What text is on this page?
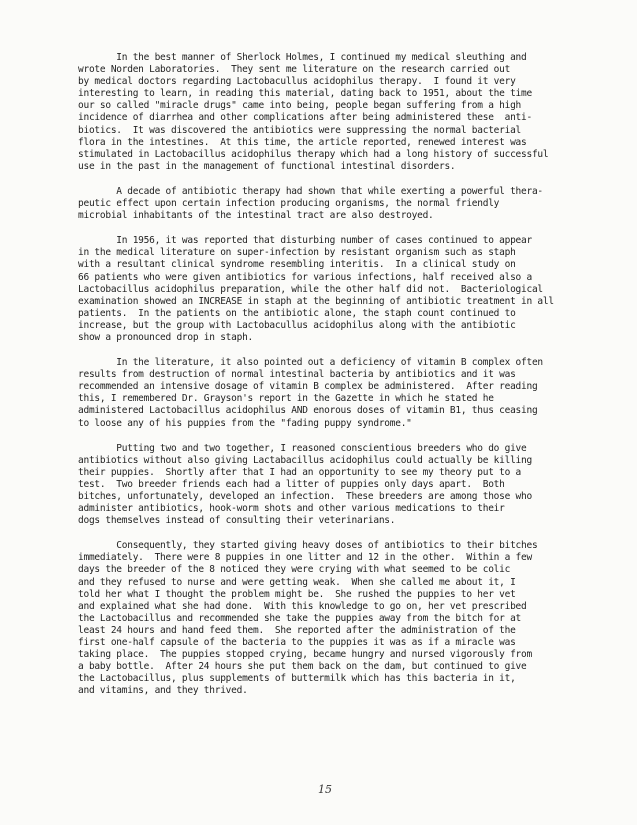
In the best manner of Sherlock Holmes, I continued my medical sleuthing and
wrote Norden Laboratories.  They sent me literature on the research carried out
by medical doctors regarding Lactobacullus acidophilus therapy.  I found it very
interesting to learn, in reading this material, dating back to 1951, about the time
our so called "miracle drugs" came into being, people began suffering from a high
incidence of diarrhea and other complications after being administered these  anti-
biotics.  It was discovered the antibiotics were suppressing the normal bacterial
flora in the intestines.  At this time, the article reported, renewed interest was
stimulated in Lactobacillus acidophilus therapy which had a long history of successful
use in the past in the management of functional intestinal disorders.
A decade of antibiotic therapy had shown that while exerting a powerful thera-
peutic effect upon certain infection producing organisms, the normal friendly
microbial inhabitants of the intestinal tract are also destroyed.
In 1956, it was reported that disturbing number of cases continued to appear
in the medical literature on super-infection by resistant organism such as staph
with a resultant clinical syndrome resembling interitis.  In a clinical study on
66 patients who were given antibiotics for various infections, half received also a
Lactobacillus acidophilus preparation, while the other half did not.  Bacteriological
examination showed an INCREASE in staph at the beginning of antibiotic treatment in all
patients.  In the patients on the antibiotic alone, the staph count continued to
increase, but the group with Lactobacullus acidophilus along with the antibiotic
show a pronounced drop in staph.
In the literature, it also pointed out a deficiency of vitamin B complex often
results from destruction of normal intestinal bacteria by antibiotics and it was
recommended an intensive dosage of vitamin B complex be administered.  After reading
this, I remembered Dr. Grayson's report in the Gazette in which he stated he
administered Lactobacillus acidophilus AND enorous doses of vitamin B1, thus ceasing
to loose any of his puppies from the "fading puppy syndrome."
Putting two and two together, I reasoned conscientious breeders who do give
antibiotics without also giving Lactabacillus acidophilus could actually be killing
their puppies.  Shortly after that I had an opportunity to see my theory put to a
test.  Two breeder friends each had a litter of puppies only days apart.  Both
bitches, unfortunately, developed an infection.  These breeders are among those who
administer antibiotics, hook-worm shots and other various medications to their
dogs themselves instead of consulting their veterinarians.
Consequently, they started giving heavy doses of antibiotics to their bitches
immediately.  There were 8 puppies in one litter and 12 in the other.  Within a few
days the breeder of the 8 noticed they were crying with what seemed to be colic
and they refused to nurse and were getting weak.  When she called me about it, I
told her what I thought the problem might be.  She rushed the puppies to her vet
and explained what she had done.  With this knowledge to go on, her vet prescribed
the Lactobacillus and recommended she take the puppies away from the bitch for at
least 24 hours and hand feed them.  She reported after the administration of the
first one-half capsule of the bacteria to the puppies it was as if a miracle was
taking place.  The puppies stopped crying, became hungry and nursed vigorously from
a baby bottle.  After 24 hours she put them back on the dam, but continued to give
the Lactobacillus, plus supplements of buttermilk which has this bacteria in it,
and vitamins, and they thrived.
15
